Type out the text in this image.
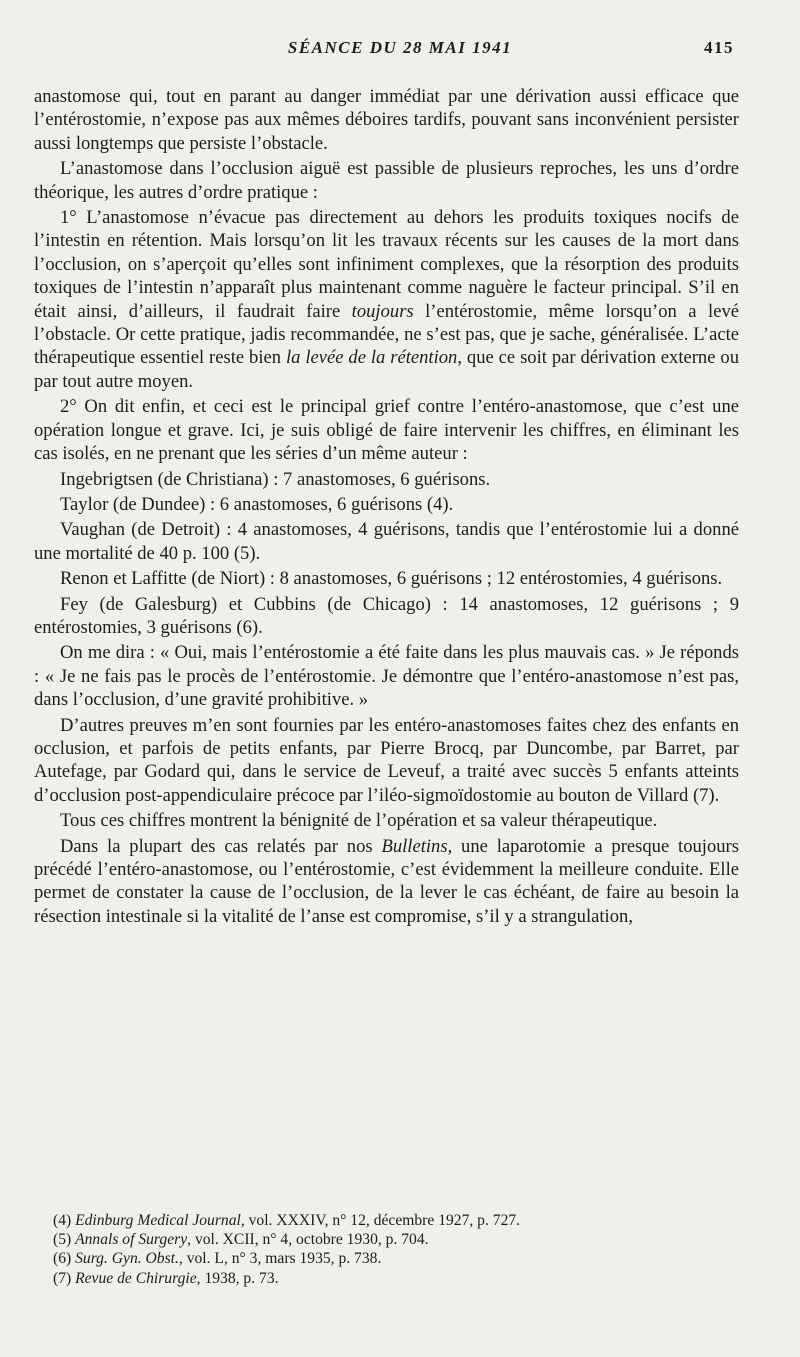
SÉANCE DU 28 MAI 1941	415

anastomose qui, tout en parant au danger immédiat par une dérivation aussi efficace que l’entérostomie, n’expose pas aux mêmes déboires tardifs, pouvant sans inconvénient persister aussi longtemps que persiste l’obstacle.

L’anastomose dans l’occlusion aiguë est passible de plusieurs reproches, les uns d’ordre théorique, les autres d’ordre pratique :

1° L’anastomose n’évacue pas directement au dehors les produits toxiques nocifs de l’intestin en rétention. Mais lorsqu’on lit les travaux récents sur les causes de la mort dans l’occlusion, on s’aperçoit qu’elles sont infiniment complexes, que la résorption des produits toxiques de l’intestin n’apparaît plus maintenant comme naguère le facteur principal. S’il en était ainsi, d’ailleurs, il faudrait faire toujours l’entérostomie, même lorsqu’on a levé l’obstacle. Or cette pratique, jadis recommandée, ne s’est pas, que je sache, généralisée. L’acte thérapeutique essentiel reste bien la levée de la rétention, que ce soit par dérivation externe ou par tout autre moyen.

2° On dit enfin, et ceci est le principal grief contre l’entéro-anastomose, que c’est une opération longue et grave. Ici, je suis obligé de faire intervenir les chiffres, en éliminant les cas isolés, en ne prenant que les séries d’un même auteur :

Ingebrigtsen (de Christiana) : 7 anastomoses, 6 guérisons.

Taylor (de Dundee) : 6 anastomoses, 6 guérisons (4).

Vaughan (de Detroit) : 4 anastomoses, 4 guérisons, tandis que l’entérostomie lui a donné une mortalité de 40 p. 100 (5).

Renon et Laffitte (de Niort) : 8 anastomoses, 6 guérisons ; 12 entérostomies, 4 guérisons.

Fey (de Galesburg) et Cubbins (de Chicago) : 14 anastomoses, 12 guérisons ; 9 entérostomies, 3 guérisons (6).

On me dira : « Oui, mais l’entérostomie a été faite dans les plus mauvais cas. » Je réponds : « Je ne fais pas le procès de l’entérostomie. Je démontre que l’entéro-anastomose n’est pas, dans l’occlusion, d’une gravité prohibitive. »

D’autres preuves m’en sont fournies par les entéro-anastomoses faites chez des enfants en occlusion, et parfois de petits enfants, par Pierre Brocq, par Duncombe, par Barret, par Autefage, par Godard qui, dans le service de Leveuf, a traité avec succès 5 enfants atteints d’occlusion post-appendiculaire précoce par l’iléo-sigmoïdostomie au bouton de Villard (7).

Tous ces chiffres montrent la bénignité de l’opération et sa valeur thérapeutique.

Dans la plupart des cas relatés par nos Bulletins, une laparotomie a presque toujours précédé l’entéro-anastomose, ou l’entérostomie, c’est évidemment la meilleure conduite. Elle permet de constater la cause de l’occlusion, de la lever le cas échéant, de faire au besoin la résection intestinale si la vitalité de l’anse est compromise, s’il y a strangulation,

(4) Edinburg Medical Journal, vol. XXXIV, n° 12, décembre 1927, p. 727.
(5) Annals of Surgery, vol. XCII, n° 4, octobre 1930, p. 704.
(6) Surg. Gyn. Obst., vol. L, n° 3, mars 1935, p. 738.
(7) Revue de Chirurgie, 1938, p. 73.
